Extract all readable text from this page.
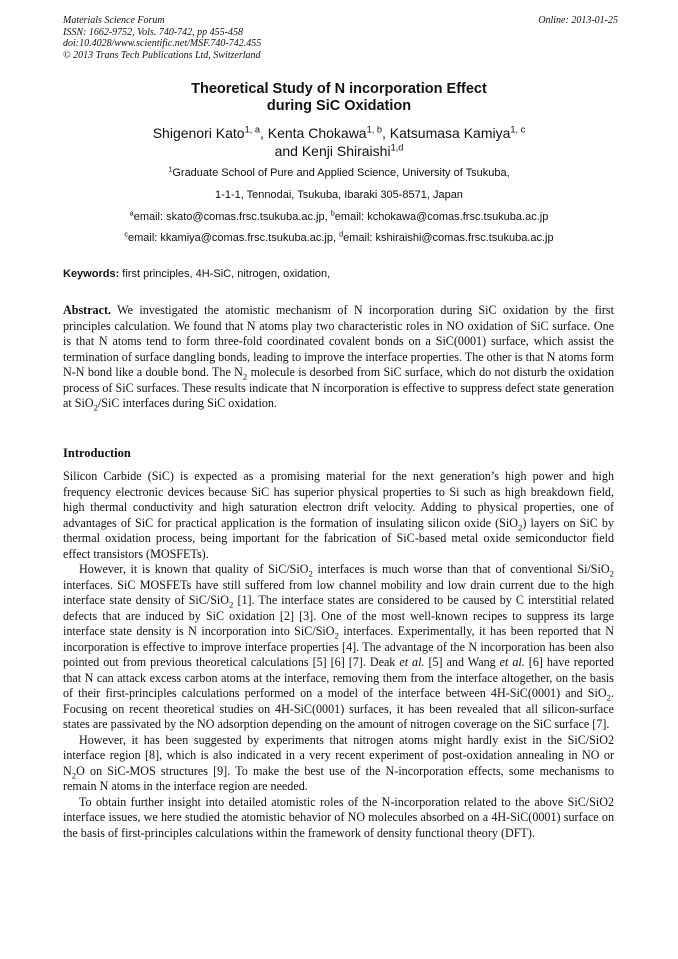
Materials Science Forum
ISSN: 1662-9752, Vols. 740-742, pp 455-458
doi:10.4028/www.scientific.net/MSF.740-742.455
© 2013 Trans Tech Publications Ltd, Switzerland
Online: 2013-01-25
Theoretical Study of N incorporation Effect
during SiC Oxidation
Shigenori Kato$^{1, a}$, Kenta Chokawa$^{1, b}$, Katsumasa Kamiya$^{1, c}$
and Kenji Shiraishi$^{1,d}$
$^1$Graduate School of Pure and Applied Science, University of Tsukuba,
1-1-1, Tennodai, Tsukuba, Ibaraki 305-8571, Japan
$^a$email: skato@comas.frsc.tsukuba.ac.jp, $^b$email: kchokawa@comas.frsc.tsukuba.ac.jp
$^c$email: kkamiya@comas.frsc.tsukuba.ac.jp, $^d$email: kshiraishi@comas.frsc.tsukuba.ac.jp
Keywords: first principles, 4H-SiC, nitrogen, oxidation,

Abstract. We investigated the atomistic mechanism of N incorporation during SiC oxidation by the first principles calculation. We found that N atoms play two characteristic roles in NO oxidation of SiC surface. One is that N atoms tend to form three-fold coordinated covalent bonds on a SiC(0001) surface, which assist the termination of surface dangling bonds, leading to improve the interface properties. The other is that N atoms form N-N bond like a double bond. The $N_2$ molecule is desorbed from SiC surface, which do not disturb the oxidation process of SiC surfaces. These results indicate that N incorporation is effective to suppress defect state generation at SiO$_2$/SiC interfaces during SiC oxidation.

Introduction

Silicon Carbide (SiC) is expected as a promising material for the next generation’s high power and high frequency electronic devices because SiC has superior physical properties to Si such as high breakdown field, high thermal conductivity and high saturation electron drift velocity. Adding to physical properties, one of advantages of SiC for practical application is the formation of insulating silicon oxide (SiO$_2$) layers on SiC by thermal oxidation process, being important for the fabrication of SiC-based metal oxide semiconductor field effect transistors (MOSFETs).

However, it is known that quality of SiC/SiO$_2$ interfaces is much worse than that of conventional Si/SiO$_2$ interfaces. SiC MOSFETs have still suffered from low channel mobility and low drain current due to the high interface state density of SiC/SiO$_2$ [1]. The interface states are considered to be caused by C interstitial related defects that are induced by SiC oxidation [2] [3]. One of the most well-known recipes to suppress its large interface state density is N incorporation into SiC/SiO$_2$ interfaces. Experimentally, it has been reported that N incorporation is effective to improve interface properties [4]. The advantage of the N incorporation has been also pointed out from previous theoretical calculations [5] [6] [7]. Deak et al. [5] and Wang et al. [6] have reported that N can attack excess carbon atoms at the interface, removing them from the interface altogether, on the basis of their first-principles calculations performed on a model of the interface between 4H-SiC(0001) and SiO$_2$. Focusing on recent theoretical studies on 4H-SiC(0001) surfaces, it has been revealed that all silicon-surface states are passivated by the NO adsorption depending on the amount of nitrogen coverage on the SiC surface [7].

However, it has been suggested by experiments that nitrogen atoms might hardly exist in the SiC/SiO2 interface region [8], which is also indicated in a very recent experiment of post-oxidation annealing in NO or $N_2O$ on SiC-MOS structures [9]. To make the best use of the N-incorporation effects, some mechanisms to remain N atoms in the interface region are needed.

To obtain further insight into detailed atomistic roles of the N-incorporation related to the above SiC/SiO2 interface issues, we here studied the atomistic behavior of NO molecules absorbed on a 4H-SiC(0001) surface on the basis of first-principles calculations within the framework of density functional theory (DFT).
